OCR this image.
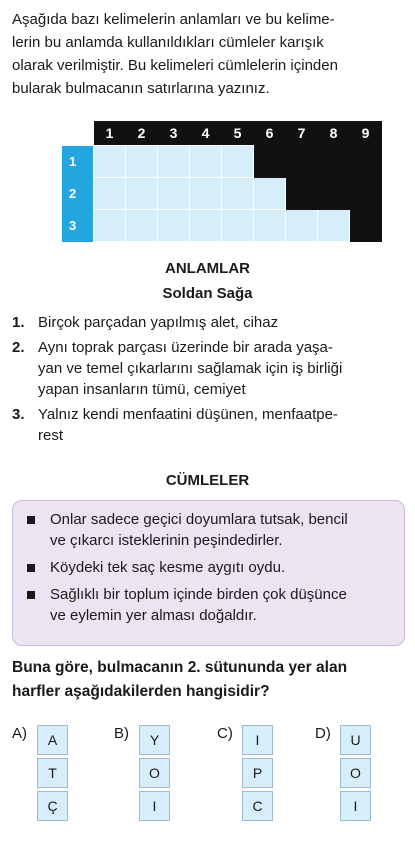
Aşağıda bazı kelimelerin anlamları ve bu kelime-

lerin bu anlamda kullanıldıkları cümleler karışık

olarak verilmiştir. Bu kelimeleri cümlelerin içinden

bularak bulmacanın satırlarına yazınız.

	1	2	3	4	5	6	7	8	9
1									
2									
3									
ANLAMLAR
Soldan Sağa
1. Birçok parçadan yapılmış alet, cihaz
2. Aynı toprak parçası üzerinde bir arada yaşa-
yan ve temel çıkarlarını sağlamak için iş birliği
yapan insanların tümü, cemiyet
3. Yalnız kendi menfaatini düşünen, menfaatpe-
rest
CÜMLELER
Onlar sadece geçici doyumlara tutsak, bencil
ve çıkarcı isteklerinin peşindedirler.
Köydeki tek saç kesme aygıtı oydu.
Sağlıklı bir toplum içinde birden çok düşünce
ve eylemin yer alması doğaldır.
Buna göre, bulmacanın 2. sütununda yer alan
harfler aşağıdakilerden hangisidir?
A)	A
T
Ç
B)	Y
O
I
C)	I
P
C
D)	U
O
I
